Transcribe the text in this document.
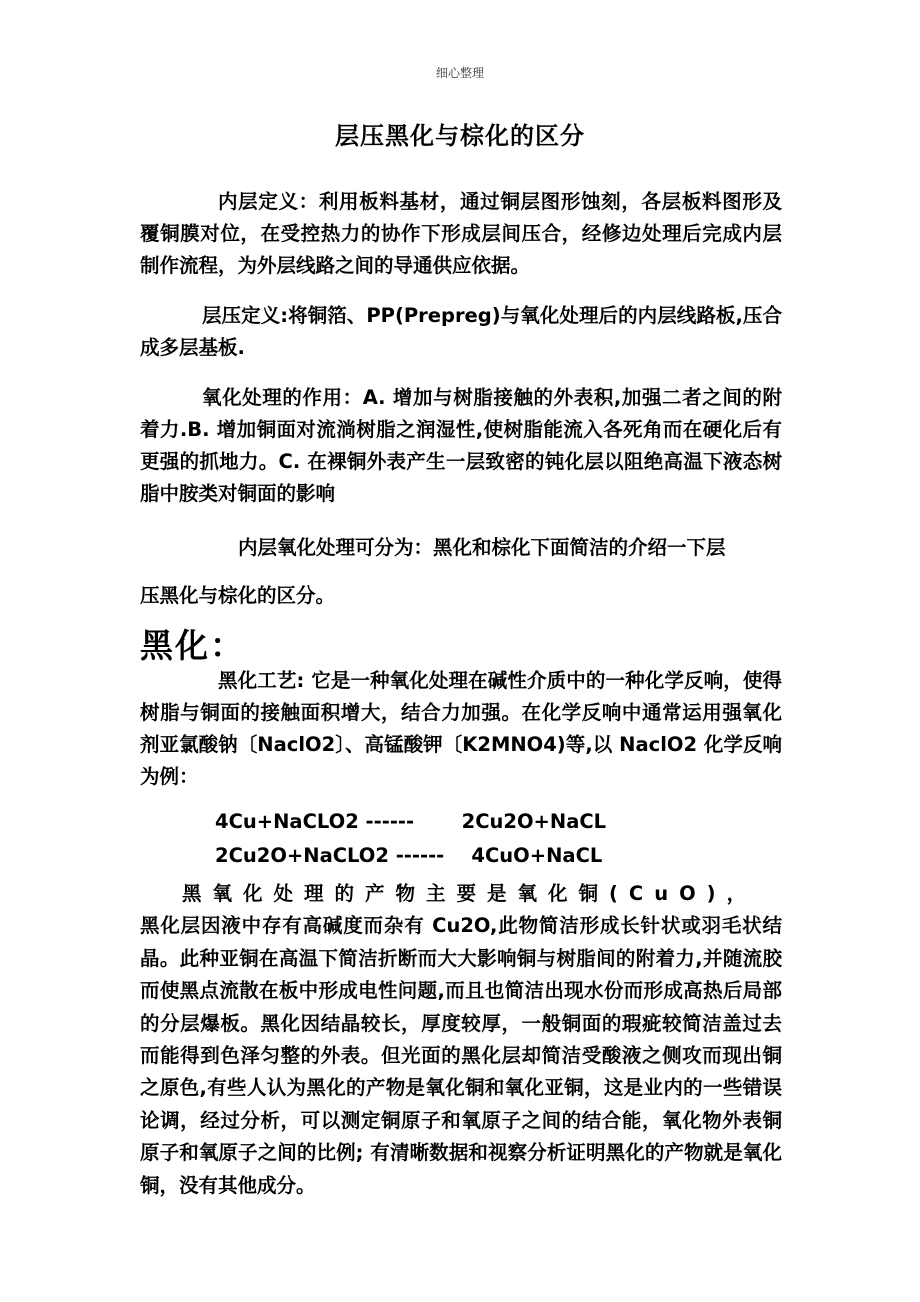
细心整理
层压黑化与棕化的区分

内层定义：利用板料基材，通过铜层图形蚀刻，各层板料图形及覆铜膜对位，在受控热力的协作下形成层间压合，经修边处理后完成内层制作流程，为外层线路之间的导通供应依据。

层压定义:将铜箔、PP(Prepreg)与氧化处理后的内层线路板,压合成多层基板.

氧化处理的作用：A. 增加与树脂接触的外表积,加强二者之间的附着力.B. 增加铜面对流淌树脂之润湿性,使树脂能流入各死角而在硬化后有更强的抓地力。C. 在裸铜外表产生一层致密的钝化层以阻绝高温下液态树脂中胺类对铜面的影响

内层氧化处理可分为：黑化和棕化下面简洁的介绍一下层

压黑化与棕化的区分。

黑化：

黑化工艺: 它是一种氧化处理在碱性介质中的一种化学反响，使得树脂与铜面的接触面积增大，结合力加强。在化学反响中通常运用强氧化剂亚氯酸钠〔NaclO2〕、高锰酸钾〔K2MNO4)等,以 NaclO2 化学反响为例：

4Cu+NaCLO2 ------       2Cu2O+NaCL
2Cu2O+NaCLO2 ------    4CuO+NaCL

黑氧化处理的产物主要是氧化铜(CuO)，
黑化层因液中存有高碱度而杂有 Cu2O,此物简洁形成长针状或羽毛状结晶。此种亚铜在高温下简洁折断而大大影响铜与树脂间的附着力,并随流胶而使黑点流散在板中形成电性问题,而且也简洁出现水份而形成高热后局部的分层爆板。黑化因结晶较长，厚度较厚，一般铜面的瑕疵较简洁盖过去而能得到色泽匀整的外表。但光面的黑化层却简洁受酸液之侧攻而现出铜之原色,有些人认为黑化的产物是氧化铜和氧化亚铜，这是业内的一些错误论调，经过分析，可以测定铜原子和氧原子之间的结合能，氧化物外表铜原子和氧原子之间的比例; 有清晰数据和视察分析证明黑化的产物就是氧化铜，没有其他成分。
